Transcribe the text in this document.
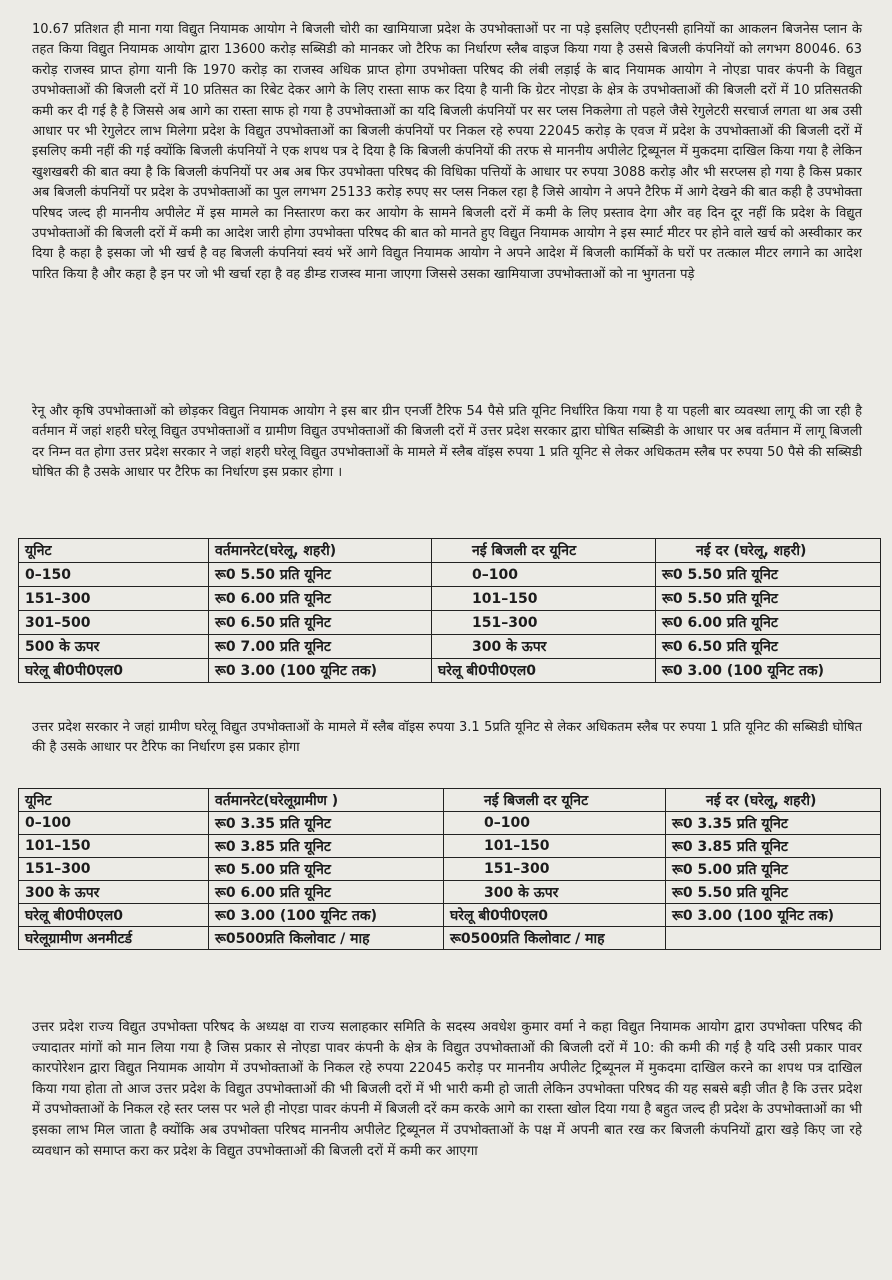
10.67 प्रतिशत ही माना गया विद्युत नियामक आयोग ने बिजली चोरी का खामियाजा प्रदेश के उपभोक्ताओं पर ना पड़े इसलिए एटीएनसी हानियों का आकलन बिजनेस प्लान के तहत किया विद्युत नियामक आयोग द्वारा 13600 करोड़ सब्सिडी को मानकर जो टैरिफ का निर्धारण स्लैब वाइज किया गया है उससे बिजली कंपनियों को लगभग 80046. 63 करोड़ राजस्व प्राप्त होगा यानी कि 1970 करोड़ का राजस्व अधिक प्राप्त होगा उपभोक्ता परिषद की लंबी लड़ाई के बाद नियामक आयोग ने नोएडा पावर कंपनी के विद्युत उपभोक्ताओं की बिजली दरों में 10 प्रतिसत का रिबेट देकर आगे के लिए रास्ता साफ कर दिया है यानी कि ग्रेटर नोएडा के क्षेत्र के उपभोक्ताओं की बिजली दरों में 10 प्रतिसतकी कमी कर दी गई है है जिससे अब आगे का रास्ता साफ हो गया है उपभोक्ताओं का यदि बिजली कंपनियों पर सर प्लस निकलेगा तो पहले जैसे रेगुलेटरी सरचार्ज लगता था अब उसी आधार पर भी रेगुलेटर लाभ मिलेगा प्रदेश के विद्युत उपभोक्ताओं का बिजली कंपनियों पर निकल रहे रुपया 22045 करोड़ के एवज में प्रदेश के उपभोक्ताओं की बिजली दरों में इसलिए कमी नहीं की गई क्योंकि बिजली कंपनियों ने एक शपथ पत्र दे दिया है कि बिजली कंपनियों की तरफ से माननीय अपीलेट ट्रिब्यूनल में मुकदमा दाखिल किया गया है लेकिन खुशखबरी की बात क्या है कि बिजली कंपनियों पर अब अब फिर उपभोक्ता परिषद की विधिका पत्तियों के आधार पर रुपया 3088 करोड़ और भी सरप्लस हो गया है किस प्रकार अब बिजली कंपनियों पर प्रदेश के उपभोक्ताओं का पुल लगभग 25133 करोड़ रुपए सर प्लस निकल रहा है जिसे आयोग ने अपने टैरिफ में आगे देखने की बात कही है उपभोक्ता परिषद जल्द ही माननीय अपीलेट में इस मामले का निस्तारण करा कर आयोग के सामने बिजली दरों में कमी के लिए प्रस्ताव देगा और वह दिन दूर नहीं कि प्रदेश के विद्युत उपभोक्ताओं की बिजली दरों में कमी का आदेश जारी होगा उपभोक्ता परिषद की बात को मानते हुए विद्युत नियामक आयोग ने इस स्मार्ट मीटर पर होने वाले खर्च को अस्वीकार कर दिया है कहा है इसका जो भी खर्च है वह बिजली कंपनियां स्वयं भरें आगे विद्युत नियामक आयोग ने अपने आदेश में बिजली कार्मिकों के घरों पर तत्काल मीटर लगाने का आदेश पारित किया है और कहा है इन पर जो भी खर्चा रहा है वह डीम्ड राजस्व माना जाएगा जिससे उसका खामियाजा उपभोक्ताओं को ना भुगतना पड़े

रेनू और कृषि उपभोक्ताओं को छोड़कर विद्युत नियामक आयोग ने इस बार ग्रीन एनर्जी टैरिफ 54 पैसे प्रति यूनिट निर्धारित किया गया है या पहली बार व्यवस्था लागू की जा रही है वर्तमान में जहां शहरी घरेलू विद्युत उपभोक्ताओं व ग्रामीण विद्युत उपभोक्ताओं की बिजली दरों में उत्तर प्रदेश सरकार द्वारा घोषित सब्सिडी के आधार पर अब वर्तमान में लागू बिजली दर निम्न वत होगा उत्तर प्रदेश सरकार ने जहां शहरी घरेलू विद्युत उपभोक्ताओं के मामले में स्लैब वॉइस रुपया 1 प्रति यूनिट से लेकर अधिकतम स्लैब पर रुपया 50 पैसे की सब्सिडी घोषित की है उसके आधार पर टैरिफ का निर्धारण इस प्रकार होगा ।

यूनिट	वर्तमानरेट(घरेलू, शहरी)	नई बिजली दर यूनिट	नई दर (घरेलू, शहरी)
0–150	रू0 5.50 प्रति यूनिट	0–100	रू0 5.50 प्रति यूनिट
151–300	रू0 6.00 प्रति यूनिट	101–150	रू0 5.50 प्रति यूनिट
301–500	रू0 6.50 प्रति यूनिट	151–300	रू0 6.00 प्रति यूनिट
500 के ऊपर	रू0 7.00 प्रति यूनिट	300 के ऊपर	रू0 6.50 प्रति यूनिट
घरेलू बी0पी0एल0	रू0 3.00 (100 यूनिट तक)	घरेलू बी0पी0एल0	रू0 3.00 (100 यूनिट तक)

उत्तर प्रदेश सरकार ने जहां ग्रामीण घरेलू विद्युत उपभोक्ताओं के मामले में स्लैब वॉइस रुपया 3.1 5प्रति यूनिट से लेकर अधिकतम स्लैब पर रुपया 1 प्रति यूनिट की सब्सिडी घोषित की है उसके आधार पर टैरिफ का निर्धारण इस प्रकार होगा

यूनिट	वर्तमानरेट(घरेलूग्रामीण )	नई बिजली दर यूनिट	नई दर (घरेलू, शहरी)
0–100	रू0 3.35 प्रति यूनिट	0–100	रू0 3.35 प्रति यूनिट
101–150	रू0 3.85 प्रति यूनिट	101–150	रू0 3.85 प्रति यूनिट
151–300	रू0 5.00 प्रति यूनिट	151–300	रू0 5.00 प्रति यूनिट
300 के ऊपर	रू0 6.00 प्रति यूनिट	300 के ऊपर	रू0 5.50 प्रति यूनिट
घरेलू बी0पी0एल0	रू0 3.00 (100 यूनिट तक)	घरेलू बी0पी0एल0	रू0 3.00 (100 यूनिट तक)
घरेलूग्रामीण अनमीटर्ड	रू0500प्रति किलोवाट / माह	रू0500प्रति किलोवाट / माह	

उत्तर प्रदेश राज्य विद्युत उपभोक्ता परिषद के अध्यक्ष वा राज्य सलाहकार समिति के सदस्य अवधेश कुमार वर्मा ने कहा विद्युत नियामक आयोग द्वारा उपभोक्ता परिषद की ज्यादातर मांगों को मान लिया गया है जिस प्रकार से नोएडा पावर कंपनी के क्षेत्र के विद्युत उपभोक्ताओं की बिजली दरों में 10: की कमी की गई है यदि उसी प्रकार पावर कारपोरेशन द्वारा विद्युत नियामक आयोग में उपभोक्ताओं के निकल रहे रुपया 22045 करोड़ पर माननीय अपीलेट ट्रिब्यूनल में मुकदमा दाखिल करने का शपथ पत्र दाखिल किया गया होता तो आज उत्तर प्रदेश के विद्युत उपभोक्ताओं की भी बिजली दरों में भी भारी कमी हो जाती लेकिन उपभोक्ता परिषद की यह सबसे बड़ी जीत है कि उत्तर प्रदेश में उपभोक्ताओं के निकल रहे स्तर प्लस पर भले ही नोएडा पावर कंपनी में बिजली दरें कम करके आगे का रास्ता खोल दिया गया है बहुत जल्द ही प्रदेश के उपभोक्ताओं का भी इसका लाभ मिल जाता है क्योंकि अब उपभोक्ता परिषद माननीय अपीलेट ट्रिब्यूनल में उपभोक्ताओं के पक्ष में अपनी बात रख कर बिजली कंपनियों द्वारा खड़े किए जा रहे व्यवधान को समाप्त करा कर प्रदेश के विद्युत उपभोक्ताओं की बिजली दरों में कमी कर आएगा
